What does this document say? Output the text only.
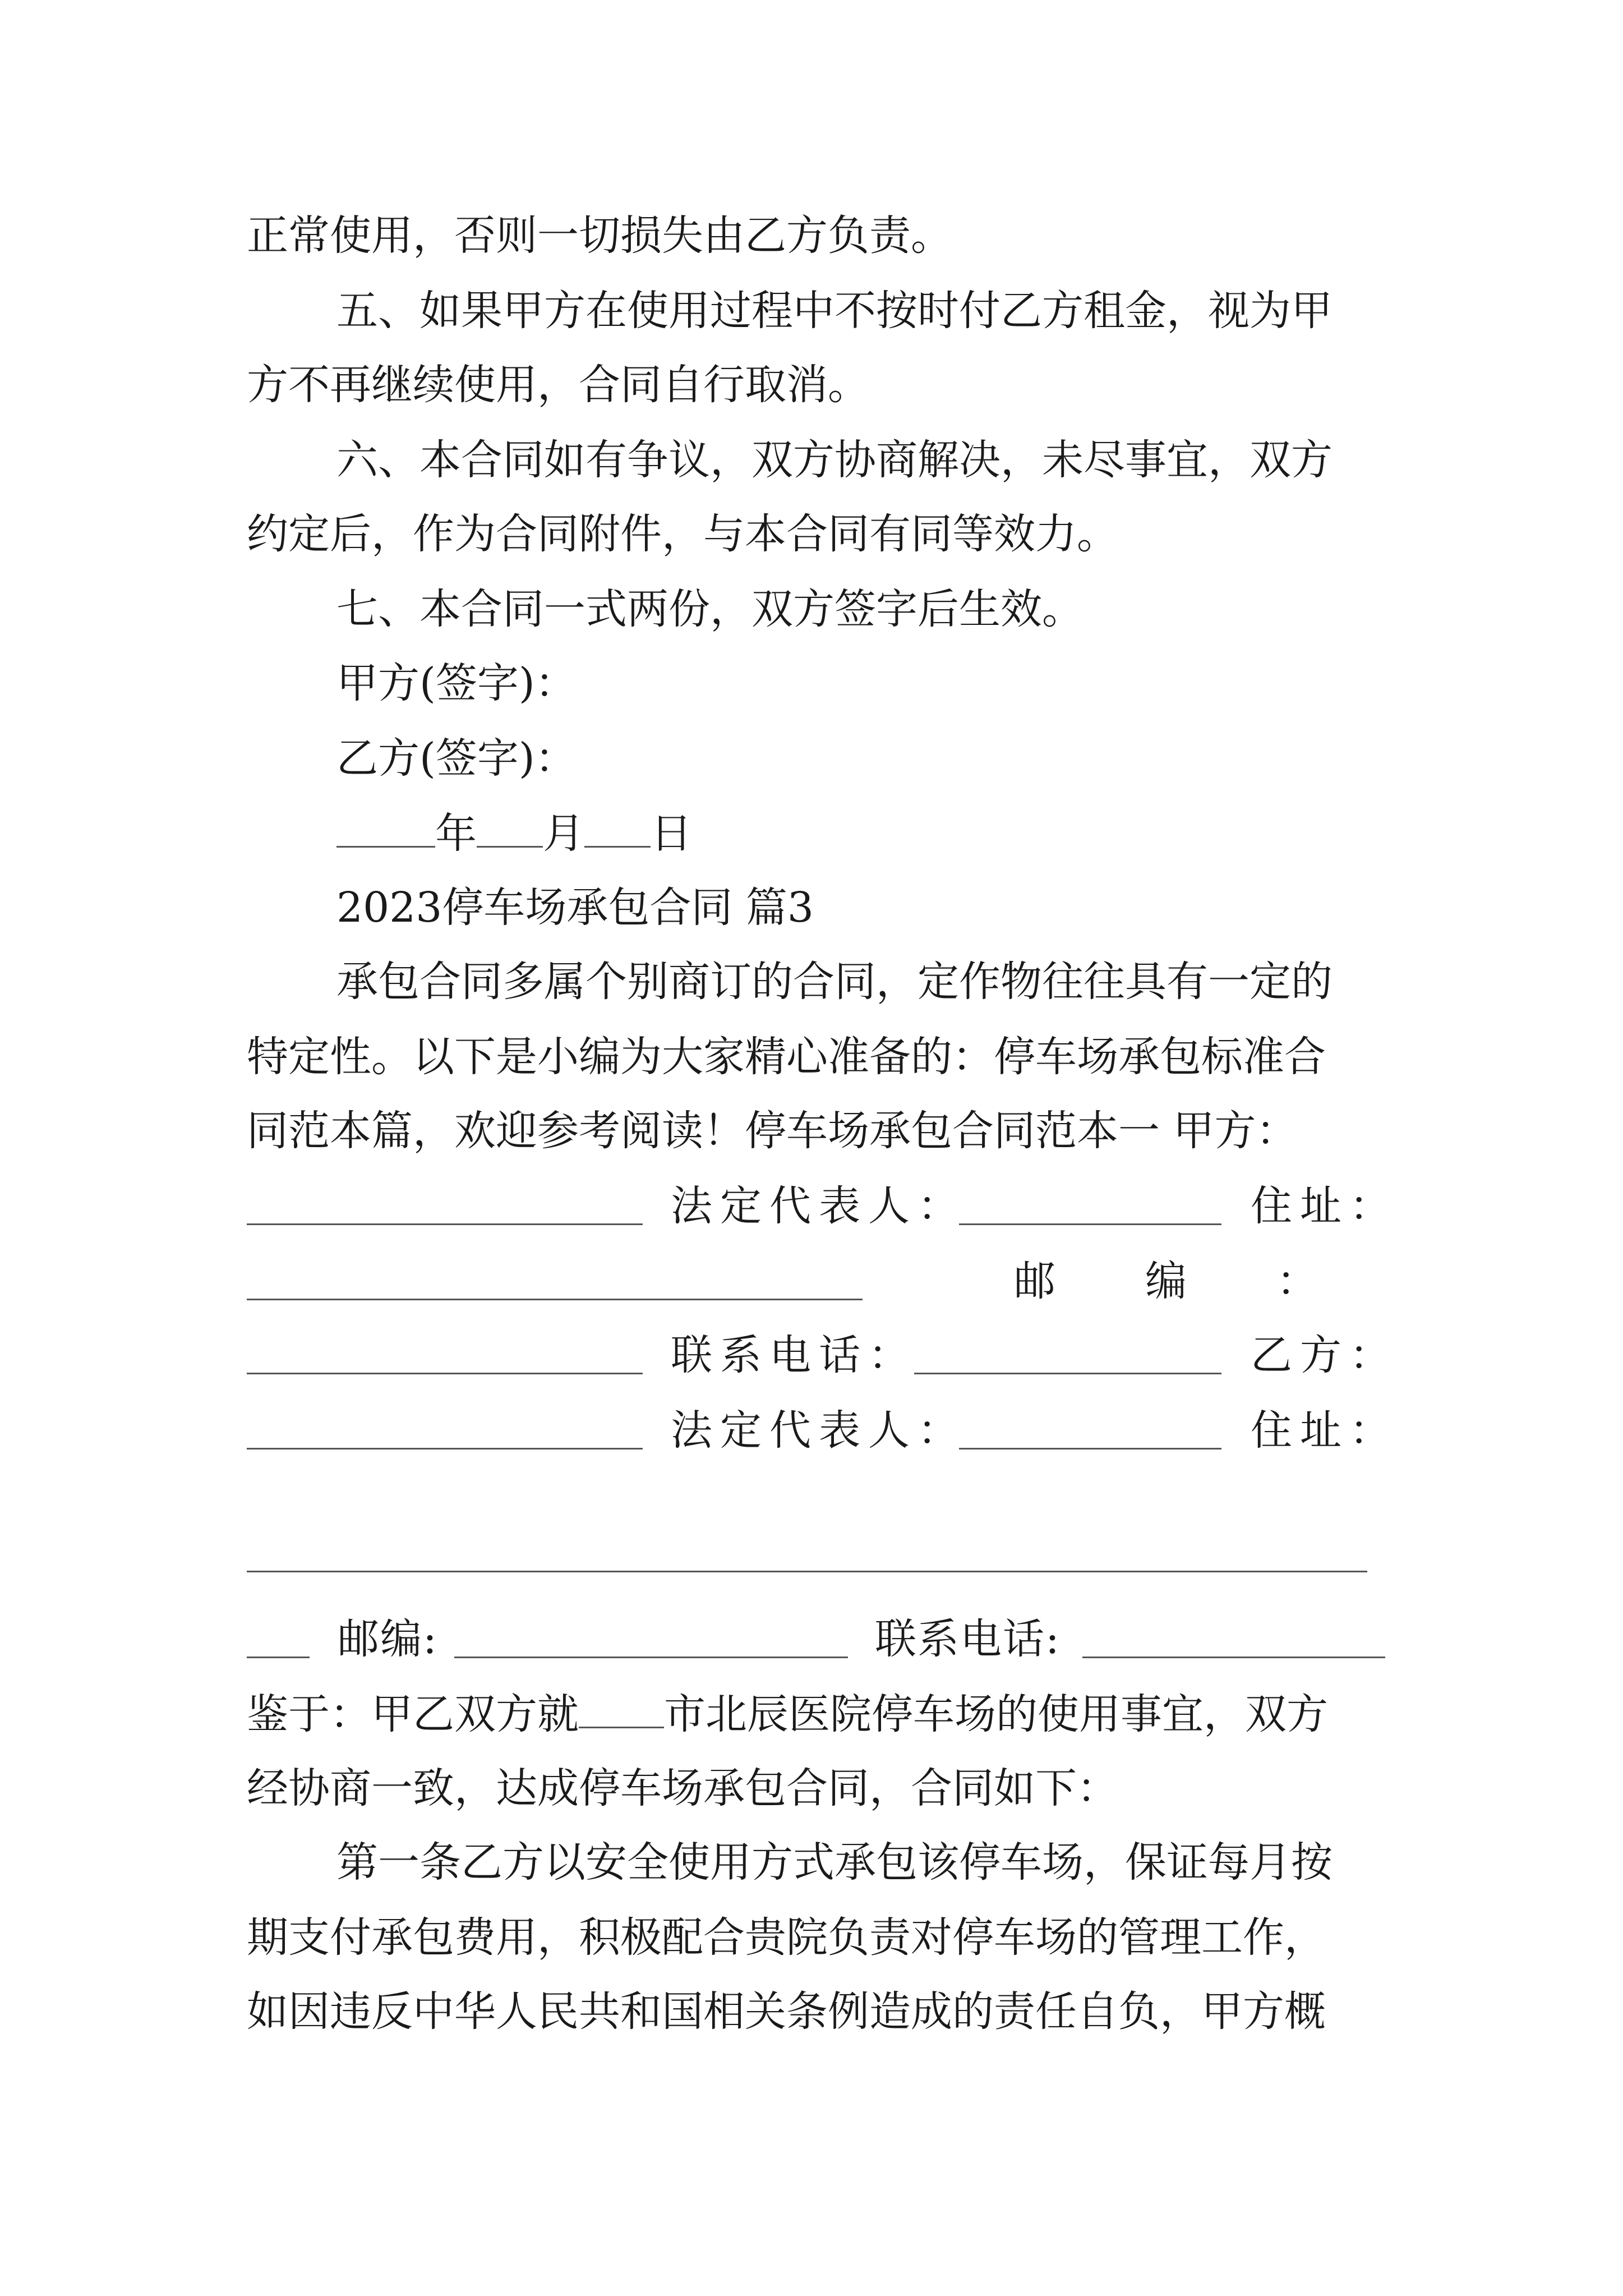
正常使用，否则一切损失由乙方负责。
五、如果甲方在使用过程中不按时付乙方租金，视为甲
方不再继续使用，合同自行取消。
六、本合同如有争议，双方协商解决，未尽事宜，双方
约定后，作为合同附件，与本合同有同等效力。
七、本合同一式两份，双方签字后生效。
甲方(签字)：
乙方(签字)：
年 月 日
2023停车场承包合同 篇3
承包合同多属个别商订的合同，定作物往往具有一定的
特定性。以下是小编为大家精心准备的：停车场承包标准合
同范本篇，欢迎参考阅读！停车场承包合同范本一 甲方：
法定代表人：	住址：
邮编：
联系电话：	乙方：
法定代表人：	住址：
邮编:	联系电话:
鉴于：甲乙双方就 市北辰医院停车场的使用事宜，双方
经协商一致，达成停车场承包合同，合同如下：
第一条乙方以安全使用方式承包该停车场，保证每月按
期支付承包费用，积极配合贵院负责对停车场的管理工作，
如因违反中华人民共和国相关条例造成的责任自负，甲方概
